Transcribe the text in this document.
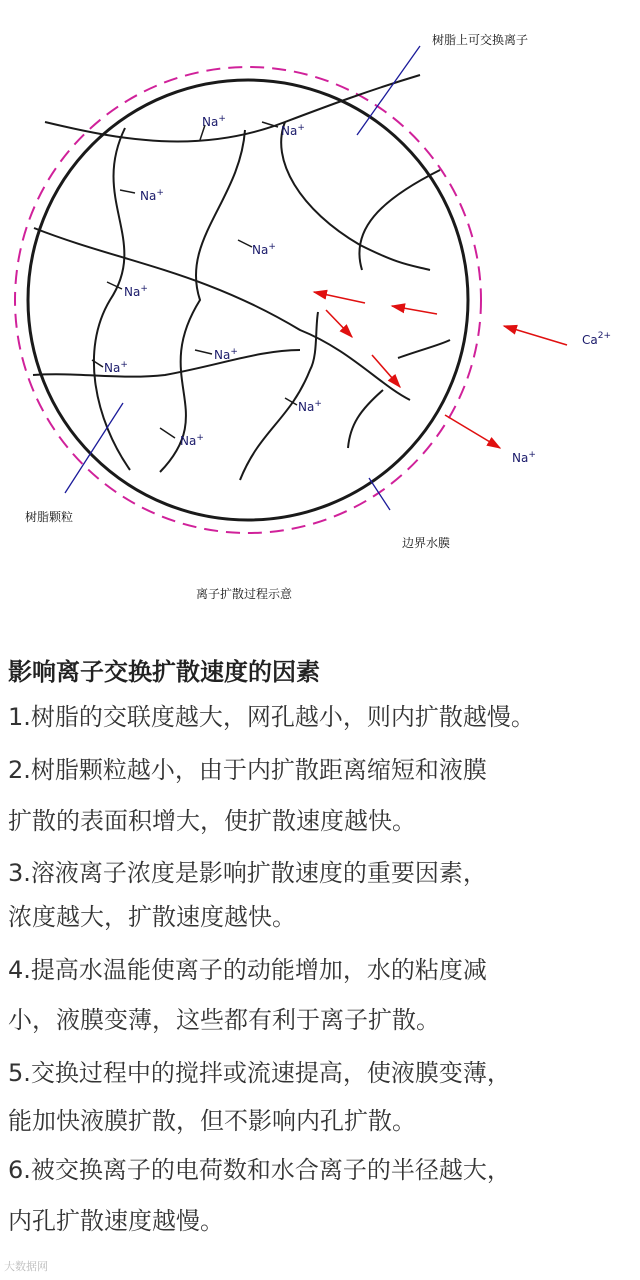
Na+
Na+
Na+
Na+
Na+
Na+
Na+
Na+
Na+
$Ca^{2+}$
Na+
树脂上可交换离子
树脂颗粒
边界水膜
离子扩散过程示意
影响离子交换扩散速度的因素
1.树脂的交联度越大，网孔越小，则内扩散越慢。
2.树脂颗粒越小，由于内扩散距离缩短和液膜
扩散的表面积增大，使扩散速度越快。
3.溶液离子浓度是影响扩散速度的重要因素，
浓度越大，扩散速度越快。
4.提高水温能使离子的动能增加，水的粘度减
小，液膜变薄，这些都有利于离子扩散。
5.交换过程中的搅拌或流速提高，使液膜变薄，
能加快液膜扩散，但不影响内孔扩散。
6.被交换离子的电荷数和水合离子的半径越大，
内孔扩散速度越慢。
大数据网
